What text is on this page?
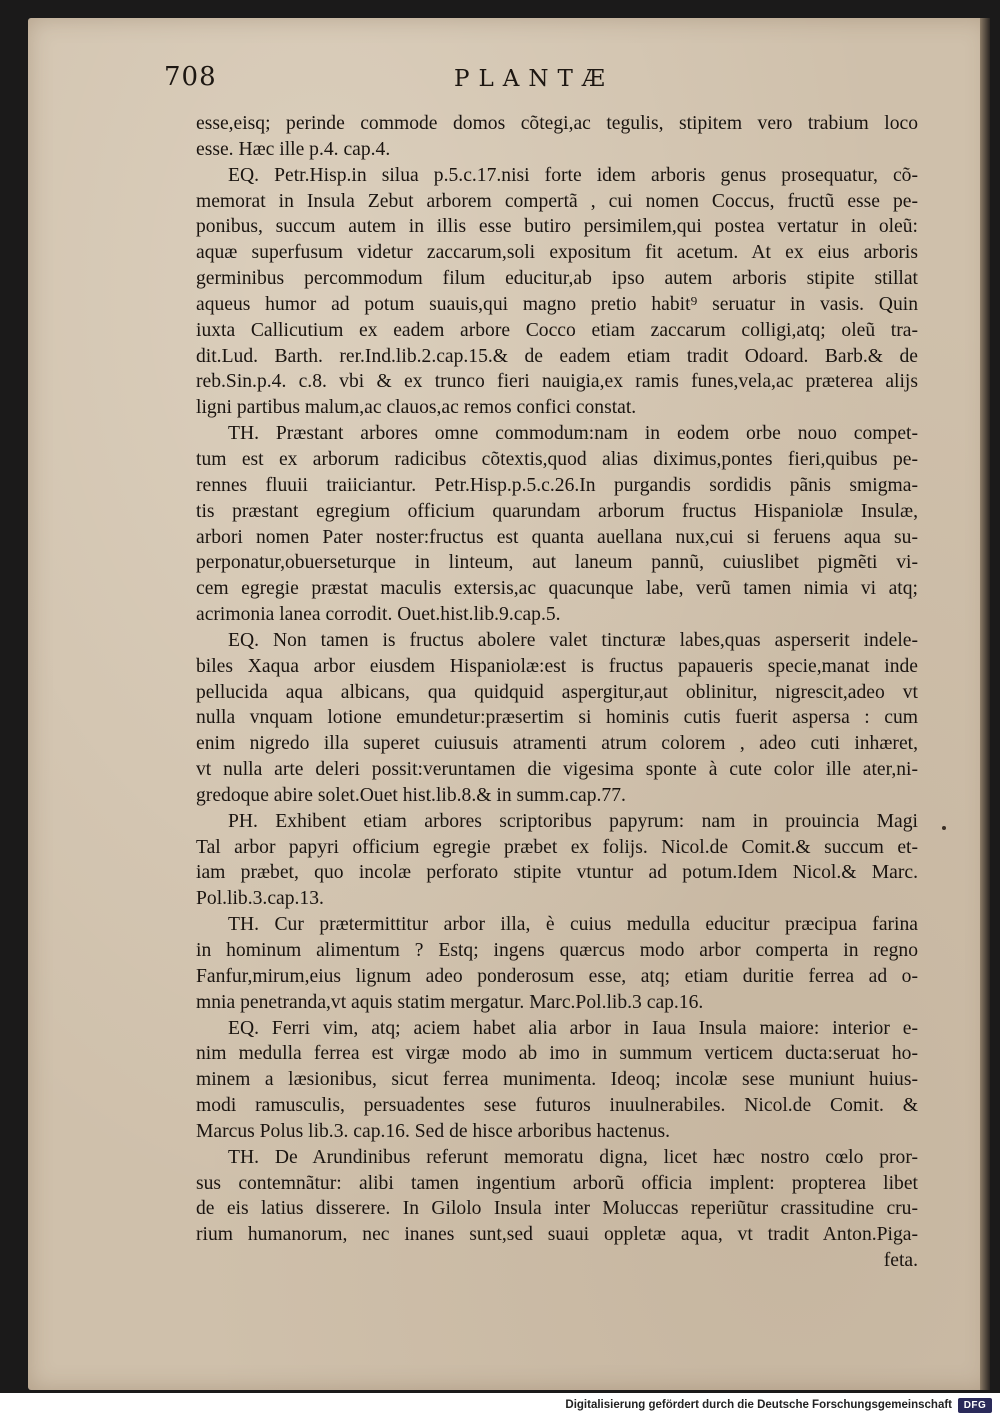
708	PLANTÆ
esse,eisq; perinde commode domos cõtegi,ac tegulis, stipitem vero trabium loco
esse. Hæc ille p.4. cap.4.
EQ. Petr.Hisp.in silua p.5.c.17.nisi forte idem arboris genus prosequatur, cõ-
memorat in Insula Zebut arborem compertã , cui nomen Coccus, fructũ esse pe-
ponibus, succum autem in illis esse butiro persimilem,qui postea vertatur in oleũ:
aquæ superfusum videtur zaccarum,soli expositum fit acetum. At ex eius arboris
germinibus percommodum filum educitur,ab ipso autem arboris stipite stillat
aqueus humor ad potum suauis,qui magno pretio habit⁹ seruatur in vasis. Quin
iuxta Callicutium ex eadem arbore Cocco etiam zaccarum colligi,atq; oleũ tra-
dit.Lud. Barth. rer.Ind.lib.2.cap.15.& de eadem etiam tradit Odoard. Barb.& de
reb.Sin.p.4. c.8. vbi & ex trunco fieri nauigia,ex ramis funes,vela,ac præterea alijs
ligni partibus malum,ac clauos,ac remos confici constat.
TH. Præstant arbores omne commodum:nam in eodem orbe nouo compet-
tum est ex arborum radicibus cõtextis,quod alias diximus,pontes fieri,quibus pe-
rennes fluuii traiiciantur. Petr.Hisp.p.5.c.26.In purgandis sordidis pãnis smigma-
tis præstant egregium officium quarundam arborum fructus Hispaniolæ Insulæ,
arbori nomen Pater noster:fructus est quanta auellana nux,cui si feruens aqua su-
perponatur,obuerseturque in linteum, aut laneum pannũ, cuiuslibet pigmẽti vi-
cem egregie præstat maculis extersis,ac quacunque labe, verũ tamen nimia vi atq;
acrimonia lanea corrodit. Ouet.hist.lib.9.cap.5.
EQ. Non tamen is fructus abolere valet tincturæ labes,quas asperserit indele-
biles Xaqua arbor eiusdem Hispaniolæ:est is fructus papaueris specie,manat inde
pellucida aqua albicans, qua quidquid aspergitur,aut oblinitur, nigrescit,adeo vt
nulla vnquam lotione emundetur:præsertim si hominis cutis fuerit aspersa : cum
enim nigredo illa superet cuiusuis atramenti atrum colorem , adeo cuti inhæret,
vt nulla arte deleri possit:veruntamen die vigesima sponte à cute color ille ater,ni-
gredoque abire solet.Ouet hist.lib.8.& in summ.cap.77.
PH. Exhibent etiam arbores scriptoribus papyrum: nam in prouincia Magi
Tal arbor papyri officium egregie præbet ex folijs. Nicol.de Comit.& succum et-
iam præbet, quo incolæ perforato stipite vtuntur ad potum.Idem Nicol.& Marc.
Pol.lib.3.cap.13.
TH. Cur prætermittitur arbor illa, è cuius medulla educitur præcipua farina
in hominum alimentum ? Estq; ingens quærcus modo arbor comperta in regno
Fanfur,mirum,eius lignum adeo ponderosum esse, atq; etiam duritie ferrea ad o-
mnia penetranda,vt aquis statim mergatur. Marc.Pol.lib.3 cap.16.
EQ. Ferri vim, atq; aciem habet alia arbor in Iaua Insula maiore: interior e-
nim medulla ferrea est virgæ modo ab imo in summum verticem ducta:seruat ho-
minem a læsionibus, sicut ferrea munimenta. Ideoq; incolæ sese muniunt huius-
modi ramusculis, persuadentes sese futuros inuulnerabiles. Nicol.de Comit. &
Marcus Polus lib.3. cap.16. Sed de hisce arboribus hactenus.
TH. De Arundinibus referunt memoratu digna, licet hæc nostro cœlo pror-
sus contemnãtur: alibi tamen ingentium arborũ officia implent: propterea libet
de eis latius disserere. In Gilolo Insula inter Moluccas reperiũtur crassitudine cru-
rium humanorum, nec inanes sunt,sed suaui oppletæ aqua, vt tradit Anton.Piga-
feta.
Digitalisierung gefördert durch die Deutsche Forschungsgemeinschaft	DFG
